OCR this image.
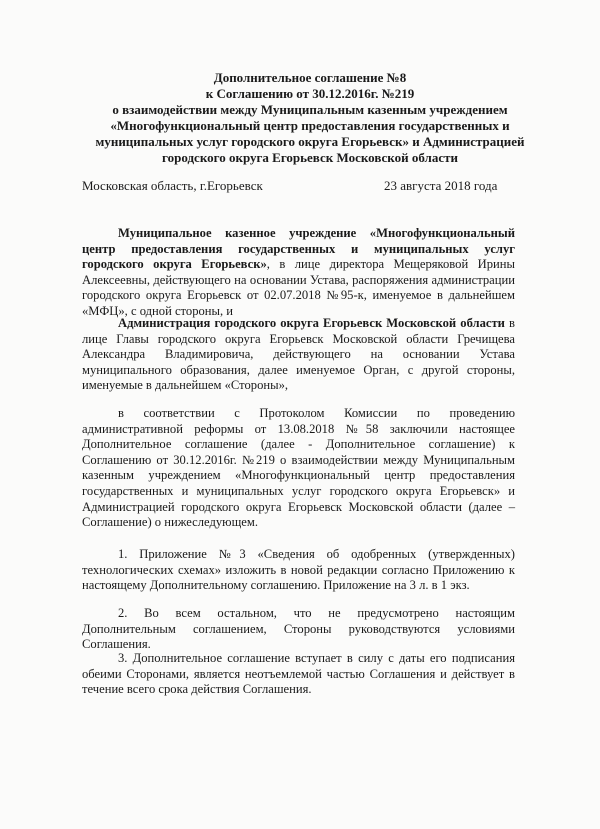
Дополнительное соглашение №8
к Соглашению от 30.12.2016г. №219
о взаимодействии между Муниципальным казенным учреждением
«Многофункциональный центр предоставления государственных и
муниципальных услуг городского округа Егорьевск» и Администрацией
городского округа Егорьевск Московской области
Московская область, г.Егорьевск	23 августа 2018 года
Муниципальное казенное учреждение «Многофункциональный центр предоставления государственных и муниципальных услуг городского округа Егорьевск», в лице директора Мещеряковой Ирины Алексеевны, действующего на основании Устава, распоряжения администрации городского округа Егорьевск от 02.07.2018 №95-к, именуемое в дальнейшем «МФЦ», с одной стороны, и
Администрация городского округа Егорьевск Московской области в лице Главы городского округа Егорьевск Московской области Гречищева Александра Владимировича, действующего на основании Устава муниципального образования, далее именуемое Орган, с другой стороны, именуемые в дальнейшем «Стороны»,
в соответствии с Протоколом Комиссии по проведению административной реформы от 13.08.2018 №58 заключили настоящее Дополнительное соглашение (далее - Дополнительное соглашение) к Соглашению от 30.12.2016г. №219 о взаимодействии между Муниципальным казенным учреждением «Многофункциональный центр предоставления государственных и муниципальных услуг городского округа Егорьевск» и Администрацией городского округа Егорьевск Московской области (далее – Соглашение) о нижеследующем.
1. Приложение №3 «Сведения об одобренных (утвержденных) технологических схемах» изложить в новой редакции согласно Приложению к настоящему Дополнительному соглашению. Приложение на 3 л. в 1 экз.
2. Во всем остальном, что не предусмотрено настоящим Дополнительным соглашением, Стороны руководствуются условиями Соглашения.
3. Дополнительное соглашение вступает в силу с даты его подписания обеими Сторонами, является неотъемлемой частью Соглашения и действует в течение всего срока действия Соглашения.
